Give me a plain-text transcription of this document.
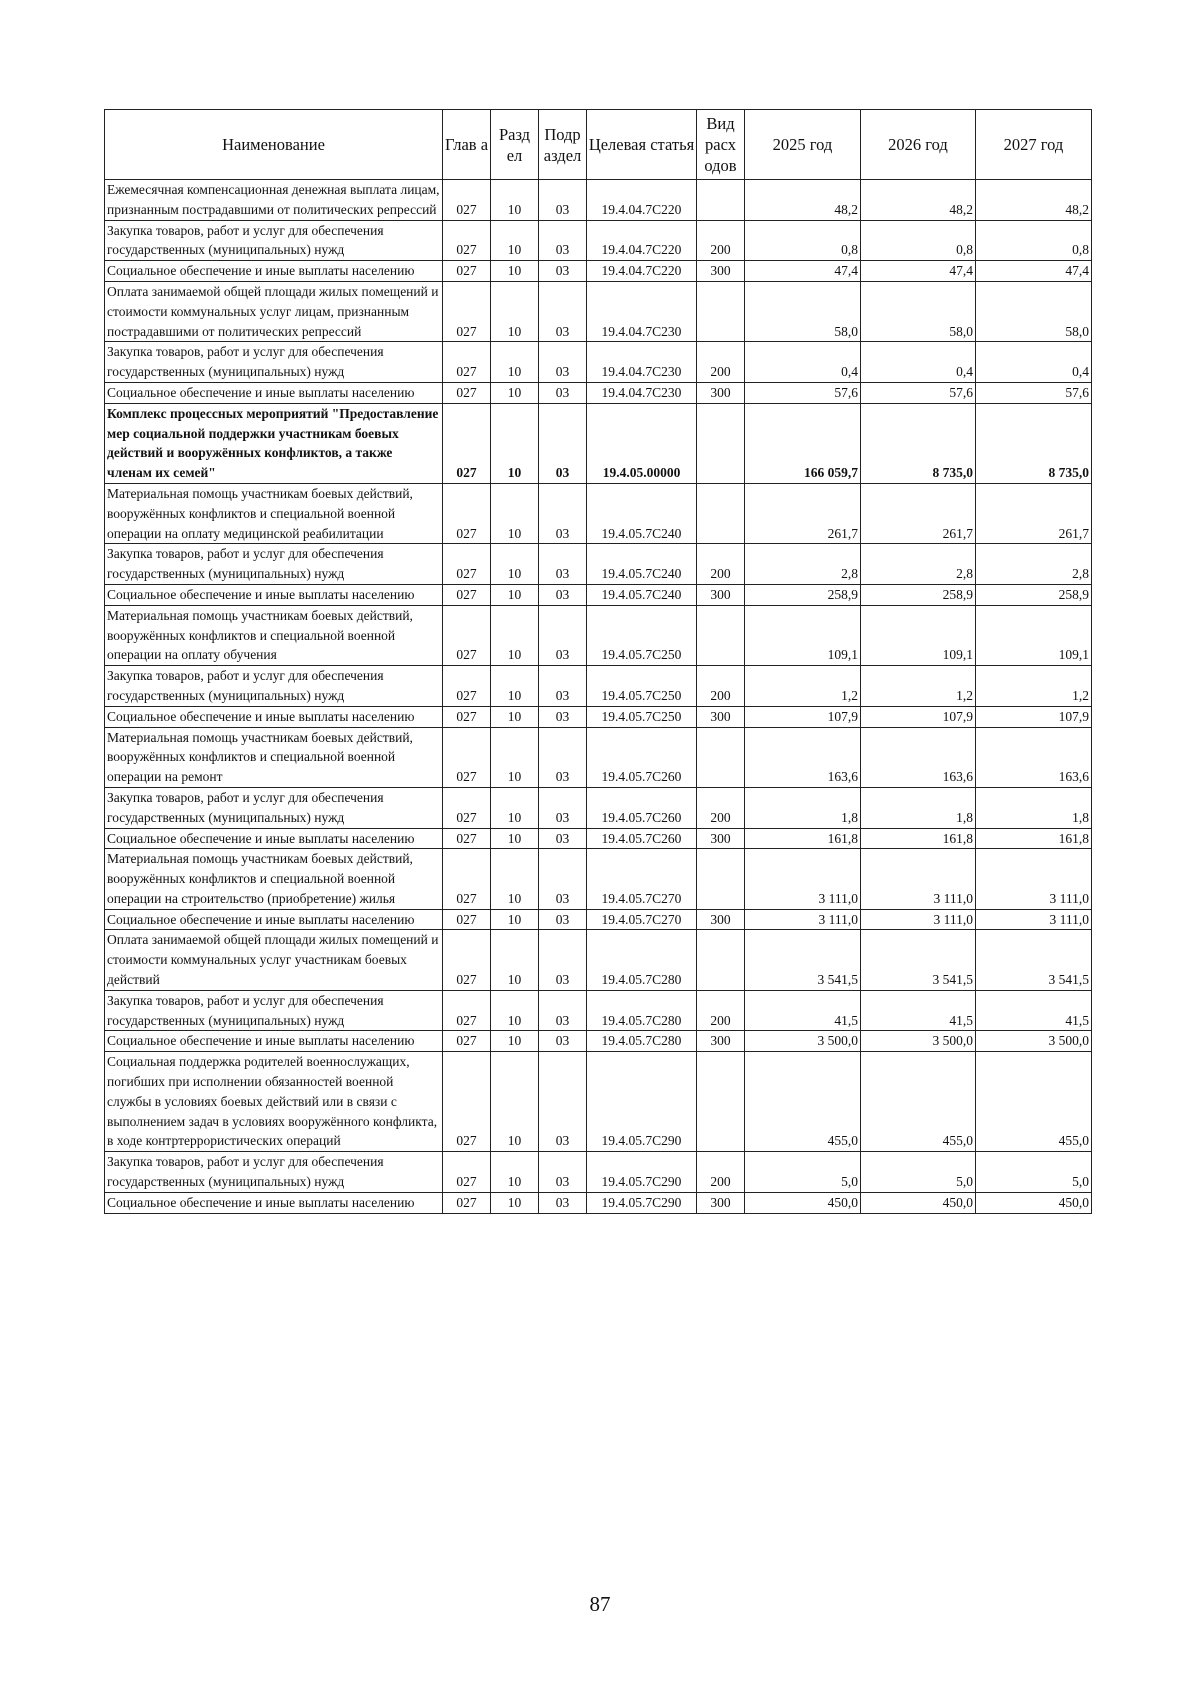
Наименование	Глав а	Разд ел	Подр аздел	Целевая статья	Вид расх одов	2025 год	2026 год	2027 год
Ежемесячная компенсационная денежная выплата лицам, признанным пострадавшими от политических репрессий	027	10	03	19.4.04.7С220		48,2	48,2	48,2
Закупка товаров, работ и услуг для обеспечения государственных (муниципальных) нужд	027	10	03	19.4.04.7С220	200	0,8	0,8	0,8
Социальное обеспечение и иные выплаты населению	027	10	03	19.4.04.7С220	300	47,4	47,4	47,4
Оплата занимаемой общей площади жилых помещений и стоимости коммунальных услуг лицам, признанным пострадавшими от политических репрессий	027	10	03	19.4.04.7С230		58,0	58,0	58,0
Закупка товаров, работ и услуг для обеспечения государственных (муниципальных) нужд	027	10	03	19.4.04.7С230	200	0,4	0,4	0,4
Социальное обеспечение и иные выплаты населению	027	10	03	19.4.04.7С230	300	57,6	57,6	57,6
Комплекс процессных мероприятий "Предоставление мер социальной поддержки участникам боевых действий и вооружённых конфликтов, а также членам их семей"	027	10	03	19.4.05.00000		166 059,7	8 735,0	8 735,0
Материальная помощь участникам боевых действий, вооружённых конфликтов и специальной военной операции на оплату медицинской реабилитации	027	10	03	19.4.05.7С240		261,7	261,7	261,7
Закупка товаров, работ и услуг для обеспечения государственных (муниципальных) нужд	027	10	03	19.4.05.7С240	200	2,8	2,8	2,8
Социальное обеспечение и иные выплаты населению	027	10	03	19.4.05.7С240	300	258,9	258,9	258,9
Материальная помощь участникам боевых действий, вооружённых конфликтов и специальной военной операции на оплату обучения	027	10	03	19.4.05.7С250		109,1	109,1	109,1
Закупка товаров, работ и услуг для обеспечения государственных (муниципальных) нужд	027	10	03	19.4.05.7С250	200	1,2	1,2	1,2
Социальное обеспечение и иные выплаты населению	027	10	03	19.4.05.7С250	300	107,9	107,9	107,9
Материальная помощь участникам боевых действий, вооружённых конфликтов и специальной военной операции на ремонт	027	10	03	19.4.05.7С260		163,6	163,6	163,6
Закупка товаров, работ и услуг для обеспечения государственных (муниципальных) нужд	027	10	03	19.4.05.7С260	200	1,8	1,8	1,8
Социальное обеспечение и иные выплаты населению	027	10	03	19.4.05.7С260	300	161,8	161,8	161,8
Материальная помощь участникам боевых действий, вооружённых конфликтов и специальной военной операции на строительство (приобретение) жилья	027	10	03	19.4.05.7С270		3 111,0	3 111,0	3 111,0
Социальное обеспечение и иные выплаты населению	027	10	03	19.4.05.7С270	300	3 111,0	3 111,0	3 111,0
Оплата занимаемой общей площади жилых помещений и стоимости коммунальных услуг участникам боевых действий	027	10	03	19.4.05.7С280		3 541,5	3 541,5	3 541,5
Закупка товаров, работ и услуг для обеспечения государственных (муниципальных) нужд	027	10	03	19.4.05.7С280	200	41,5	41,5	41,5
Социальное обеспечение и иные выплаты населению	027	10	03	19.4.05.7С280	300	3 500,0	3 500,0	3 500,0
Социальная поддержка родителей военнослужащих, погибших при исполнении обязанностей военной службы в условиях боевых действий или в связи с выполнением задач в условиях вооружённого конфликта, в ходе контртеррористических операций	027	10	03	19.4.05.7С290		455,0	455,0	455,0
Закупка товаров, работ и услуг для обеспечения государственных (муниципальных) нужд	027	10	03	19.4.05.7С290	200	5,0	5,0	5,0
Социальное обеспечение и иные выплаты населению	027	10	03	19.4.05.7С290	300	450,0	450,0	450,0
87
